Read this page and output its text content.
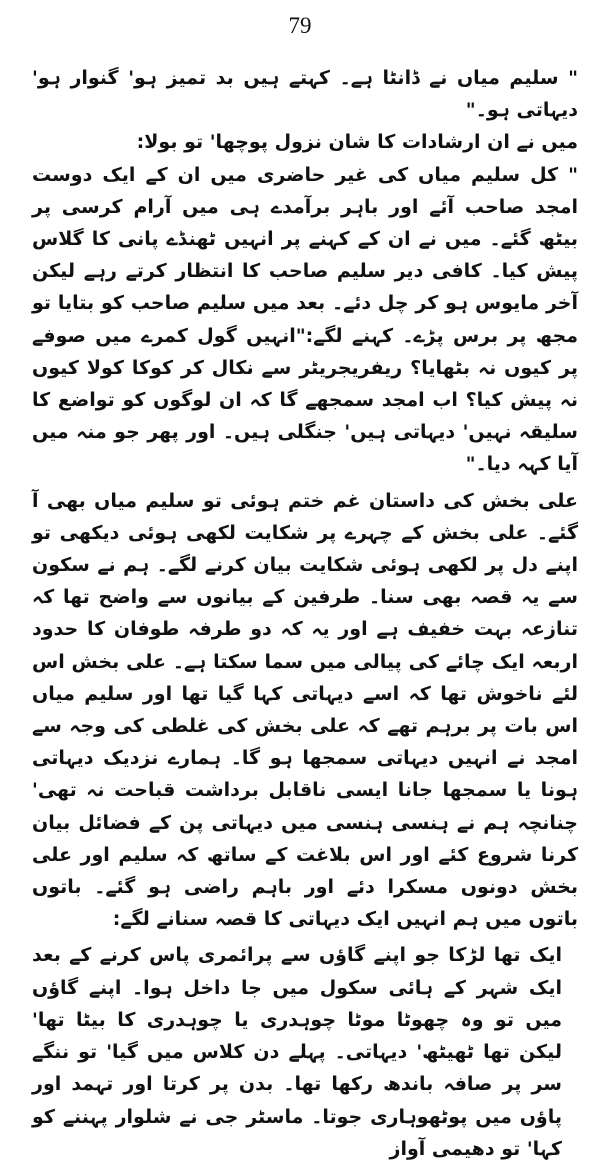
79

" سلیم میاں نے ڈانٹا ہے۔ کہتے ہیں بد تمیز ہو' گنوار ہو' دیہاتی ہو۔"

میں نے ان ارشادات کا شان نزول پوچھا' تو بولا:

" کل سلیم میاں کی غیر حاضری میں ان کے ایک دوست امجد صاحب آئے اور باہر برآمدے ہی میں آرام کرسی پر بیٹھ گئے۔ میں نے ان کے کہنے پر انہیں ٹھنڈے پانی کا گلاس پیش کیا۔ کافی دیر سلیم صاحب کا انتظار کرتے رہے لیکن آخر مایوس ہو کر چل دئے۔ بعد میں سلیم صاحب کو بتایا تو مجھ پر برس پڑے۔ کہنے لگے:"انہیں گول کمرے میں صوفے پر کیوں نہ بٹھایا؟ ریفریجریٹر سے نکال کر کوکا کولا کیوں نہ پیش کیا؟ اب امجد سمجھے گا کہ ان لوگوں کو تواضع کا سلیقہ نہیں' دیہاتی ہیں' جنگلی ہیں۔ اور پھر جو منہ میں آیا کہہ دیا۔"

علی بخش کی داستان غم ختم ہوئی تو سلیم میاں بھی آ گئے۔ علی بخش کے چہرے پر شکایت لکھی ہوئی دیکھی تو اپنے دل پر لکھی ہوئی شکایت بیان کرنے لگے۔ ہم نے سکون سے یہ قصہ بھی سنا۔ طرفین کے بیانوں سے واضح تھا کہ تنازعہ بہت خفیف ہے اور یہ کہ دو طرفہ طوفان کا حدود اربعہ ایک چائے کی پیالی میں سما سکتا ہے۔ علی بخش اس لئے ناخوش تھا کہ اسے دیہاتی کہا گیا تھا اور سلیم میاں اس بات پر برہم تھے کہ علی بخش کی غلطی کی وجہ سے امجد نے انہیں دیہاتی سمجھا ہو گا۔ ہمارے نزدیک دیہاتی ہونا یا سمجھا جانا ایسی ناقابل برداشت قباحت نہ تھی' چنانچہ ہم نے ہنسی ہنسی میں دیہاتی پن کے فضائل بیان کرنا شروع کئے اور اس بلاغت کے ساتھ کہ سلیم اور علی بخش دونوں مسکرا دئے اور باہم راضی ہو گئے۔ باتوں باتوں میں ہم انہیں ایک دیہاتی کا قصہ سنانے لگے:

ایک تھا لڑکا جو اپنے گاؤں سے پرائمری پاس کرنے کے بعد ایک شہر کے ہائی سکول میں جا داخل ہوا۔ اپنے گاؤں میں تو وہ چھوٹا موٹا چوہدری یا چوہدری کا بیٹا تھا' لیکن تھا ٹھیٹھ' دیہاتی۔ پہلے دن کلاس میں گیا' تو ننگے سر پر صافہ باندھ رکھا تھا۔ بدن پر کرتا اور تہمد اور پاؤں میں پوٹھوہاری جوتا۔ ماسٹر جی نے شلوار پہننے کو کہا' تو دھیمی آواز
